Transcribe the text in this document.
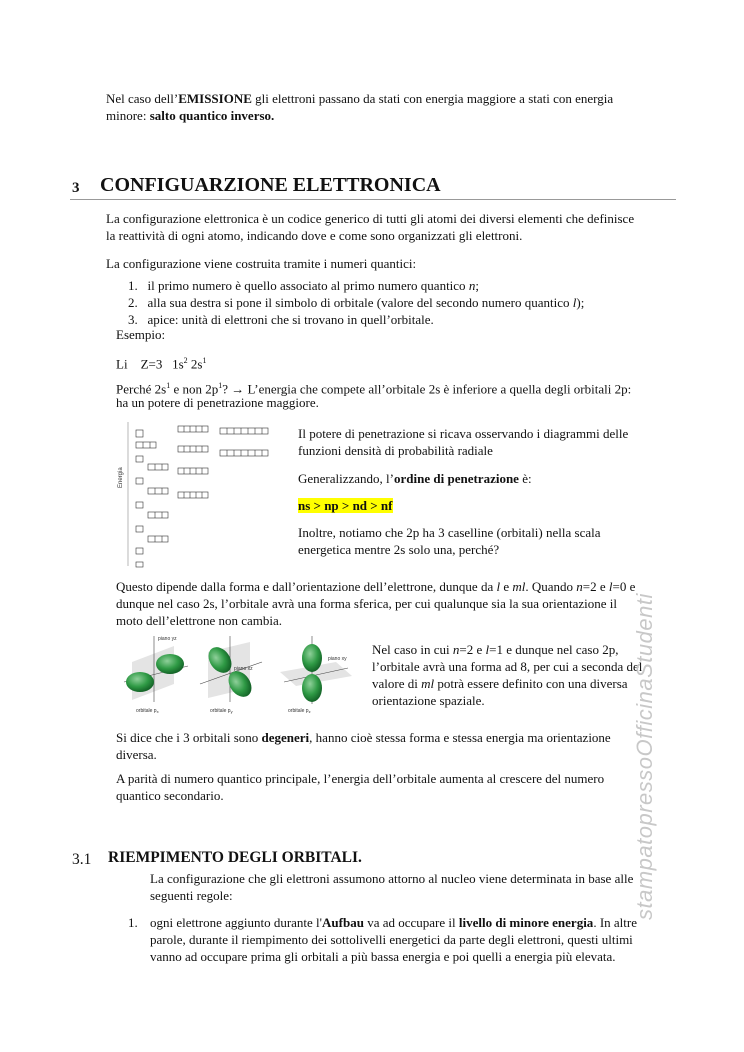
Nel caso dell’EMISSIONE gli elettroni passano da stati con energia maggiore a stati con energia

minore: salto quantico inverso.

3 CONFIGUARZIONE ELETTRONICA

La configurazione elettronica è un codice generico di tutti gli atomi dei diversi elementi che definisce

la reattività di ogni atomo, indicando dove e come sono organizzati gli elettroni.

La configurazione viene costruita tramite i numeri quantici:

1. il primo numero è quello associato al primo numero quantico n;
2. alla sua destra si pone il simbolo di orbitale (valore del secondo numero quantico l);
3. apice: unità di elettroni che si trovano in quell’orbitale.

Esempio:

Li Z=3 $1s^2$ $2s^1$

Perché $2s^1$ e non $2p^1$? → L’energia che compete all’orbitale 2s è inferiore a quella degli orbitali 2p:

ha un potere di penetrazione maggiore.

Energia

Il potere di penetrazione si ricava osservando i diagrammi delle

funzioni densità di probabilità radiale

Generalizzando, l’ordine di penetrazione è:

ns > np > nd > nf

Inoltre, notiamo che 2p ha 3 caselline (orbitali) nella scala

energetica mentre 2s solo una, perché?

Questo dipende dalla forma e dall’orientazione dell’elettrone, dunque da l e ml. Quando n=2 e l=0 e

dunque nel caso 2s, l’orbitale avrà una forma sferica, per cui qualunque sia la sua orientazione il

moto dell’elettrone non cambia.

piano yz
orbitale $p_x$
piano xz
orbitale $p_y$
piano xy
orbitale $p_z$

Nel caso in cui n=2 e l=1 e dunque nel caso 2p,

l’orbitale avrà una forma ad 8, per cui a seconda del

valore di ml potrà essere definito con una diversa

orientazione spaziale.

Si dice che i 3 orbitali sono degeneri, hanno cioè stessa forma e stessa energia ma orientazione

diversa.

A parità di numero quantico principale, l’energia dell’orbitale aumenta al crescere del numero

quantico secondario.

3.1 RIEMPIMENTO DEGLI ORBITALI.

La configurazione che gli elettroni assumono attorno al nucleo viene determinata in base alle

seguenti regole:

1. ogni elettrone aggiunto durante l'Aufbau va ad occupare il livello di minore energia. In altre

parole, durante il riempimento dei sottolivelli energetici da parte degli elettroni, questi ultimi

vanno ad occupare prima gli orbitali a più bassa energia e poi quelli a energia più elevata.

stampatopressoOfficinaStudenti
